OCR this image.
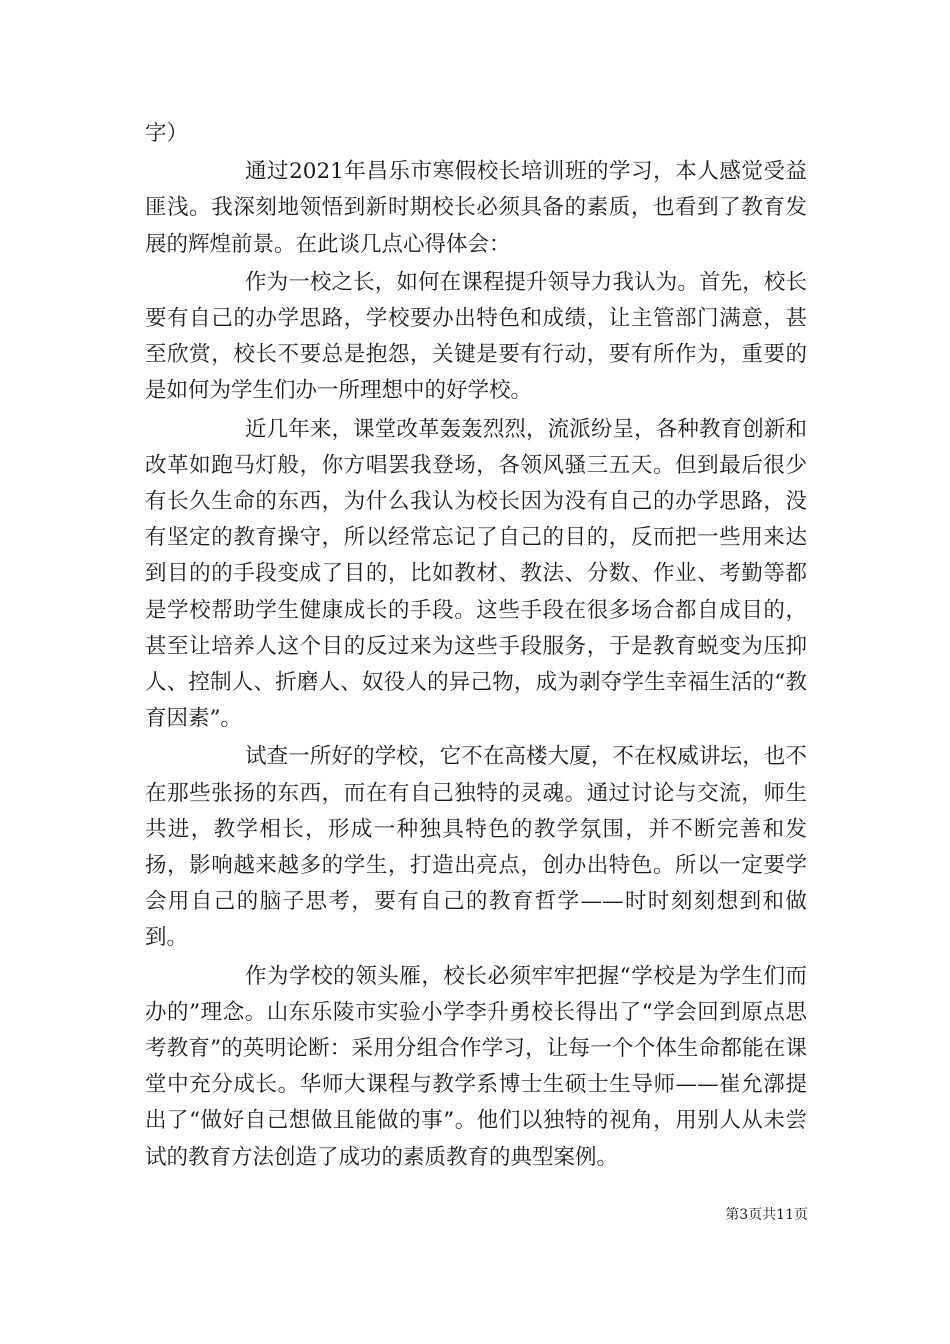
字）

通过2021年昌乐市寒假校长培训班的学习，本人感觉受益匪浅。我深刻地领悟到新时期校长必须具备的素质，也看到了教育发展的辉煌前景。在此谈几点心得体会：

作为一校之长，如何在课程提升领导力我认为。首先，校长要有自己的办学思路，学校要办出特色和成绩，让主管部门满意，甚至欣赏，校长不要总是抱怨，关键是要有行动，要有所作为，重要的是如何为学生们办一所理想中的好学校。

近几年来，课堂改革轰轰烈烈，流派纷呈，各种教育创新和改革如跑马灯般，你方唱罢我登场，各领风骚三五天。但到最后很少有长久生命的东西，为什么我认为校长因为没有自己的办学思路，没有坚定的教育操守，所以经常忘记了自己的目的，反而把一些用来达到目的的手段变成了目的，比如教材、教法、分数、作业、考勤等都是学校帮助学生健康成长的手段。这些手段在很多场合都自成目的，甚至让培养人这个目的反过来为这些手段服务，于是教育蜕变为压抑人、控制人、折磨人、奴役人的异己物，成为剥夺学生幸福生活的“教育因素”。

试查一所好的学校，它不在高楼大厦，不在权威讲坛，也不在那些张扬的东西，而在有自己独特的灵魂。通过讨论与交流，师生共进，教学相长，形成一种独具特色的教学氛围，并不断完善和发扬，影响越来越多的学生，打造出亮点，创办出特色。所以一定要学会用自己的脑子思考，要有自己的教育哲学——时时刻刻想到和做到。

作为学校的领头雁，校长必须牢牢把握“学校是为学生们而办的”理念。山东乐陵市实验小学李升勇校长得出了“学会回到原点思考教育”的英明论断：采用分组合作学习，让每一个个体生命都能在课堂中充分成长。华师大课程与教学系博士生硕士生导师——崔允漷提出了“做好自己想做且能做的事”。他们以独特的视角，用别人从未尝试的教育方法创造了成功的素质教育的典型案例。

第3页共11页
